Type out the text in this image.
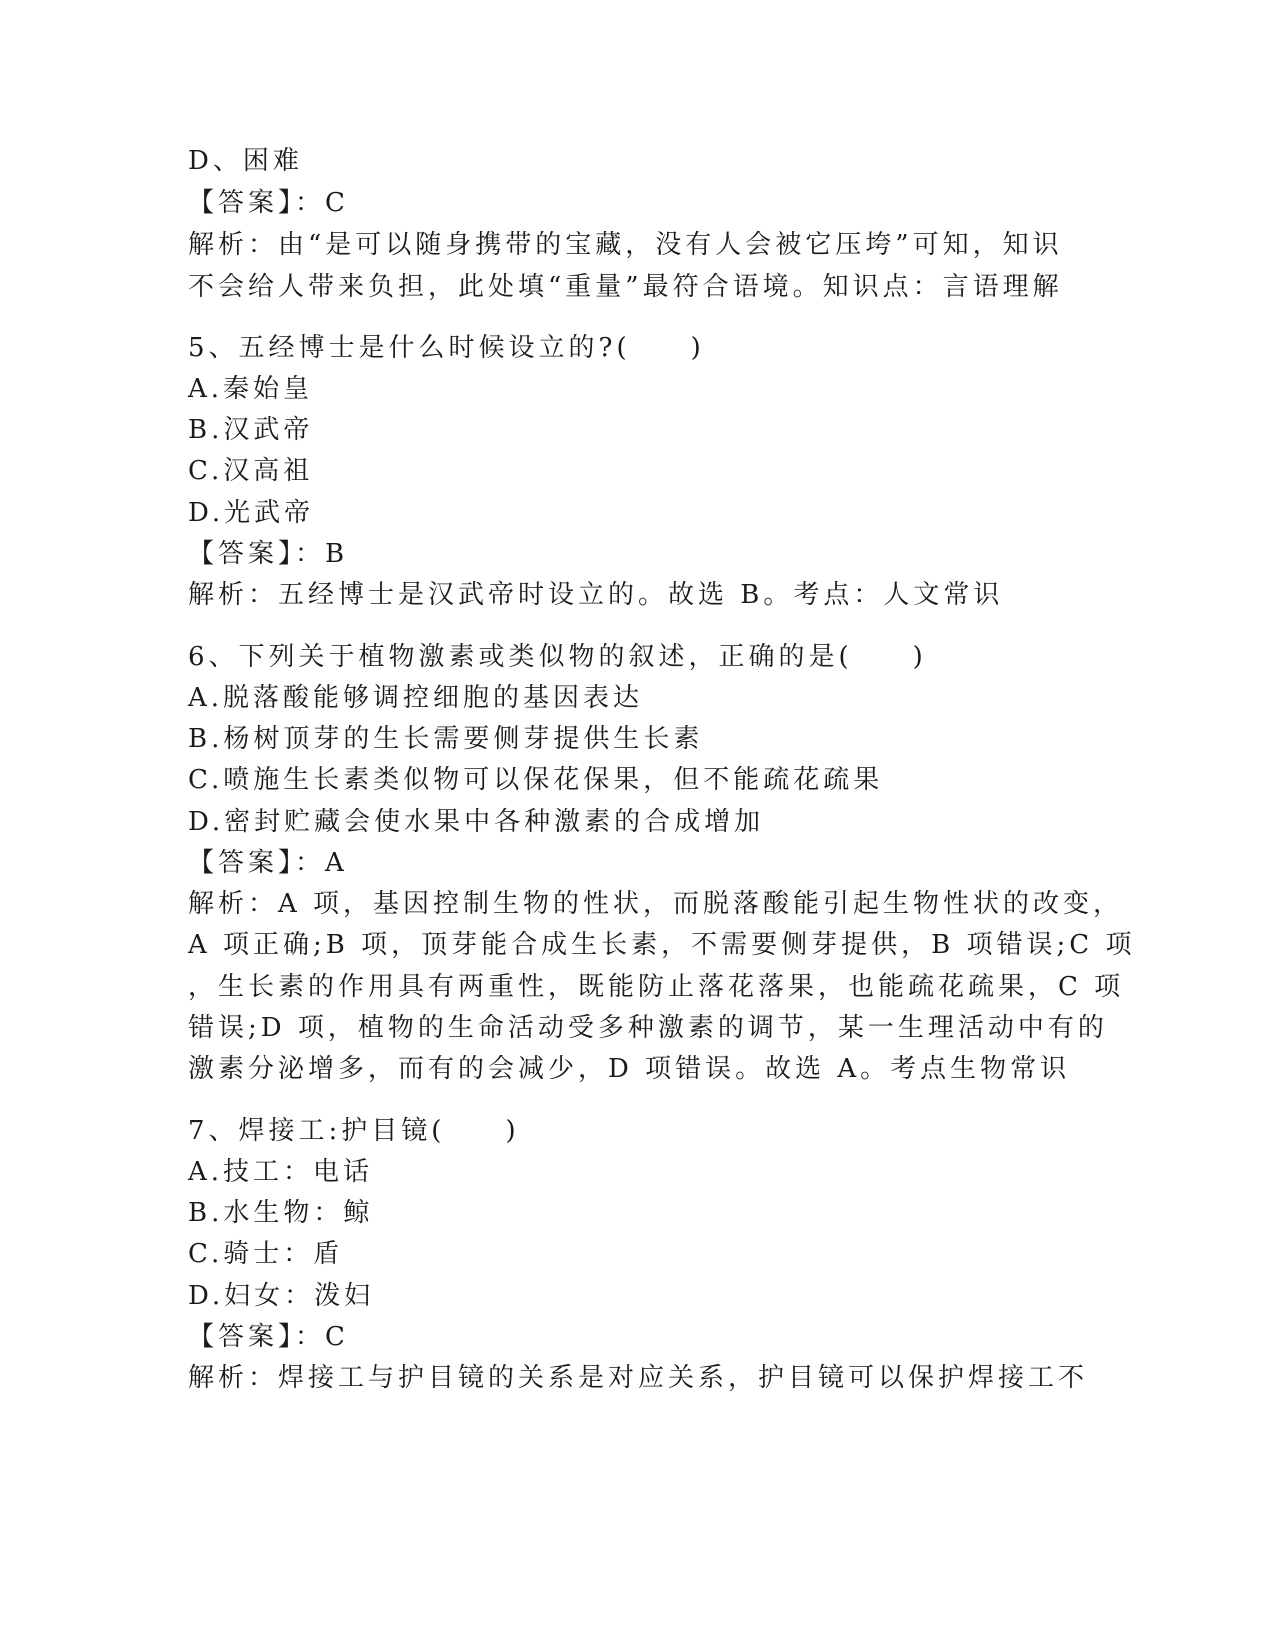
D、困难
【答案】：C
解析：由“是可以随身携带的宝藏，没有人会被它压垮”可知，知识
不会给人带来负担，此处填“重量”最符合语境。知识点：言语理解
5、五经博士是什么时候设立的?(　　)
A.秦始皇
B.汉武帝
C.汉高祖
D.光武帝
【答案】：B
解析：五经博士是汉武帝时设立的。故选 B。考点：人文常识
6、下列关于植物激素或类似物的叙述，正确的是(　　)
A.脱落酸能够调控细胞的基因表达
B.杨树顶芽的生长需要侧芽提供生长素
C.喷施生长素类似物可以保花保果，但不能疏花疏果
D.密封贮藏会使水果中各种激素的合成增加
【答案】：A
解析：A 项，基因控制生物的性状，而脱落酸能引起生物性状的改变，
A 项正确;B 项，顶芽能合成生长素，不需要侧芽提供，B 项错误;C 项
，生长素的作用具有两重性，既能防止落花落果，也能疏花疏果，C 项
错误;D 项，植物的生命活动受多种激素的调节，某一生理活动中有的
激素分泌增多，而有的会减少，D 项错误。故选 A。考点生物常识
7、焊接工:护目镜(　　)
A.技工：电话
B.水生物：鲸
C.骑士：盾
D.妇女：泼妇
【答案】：C
解析：焊接工与护目镜的关系是对应关系，护目镜可以保护焊接工不
